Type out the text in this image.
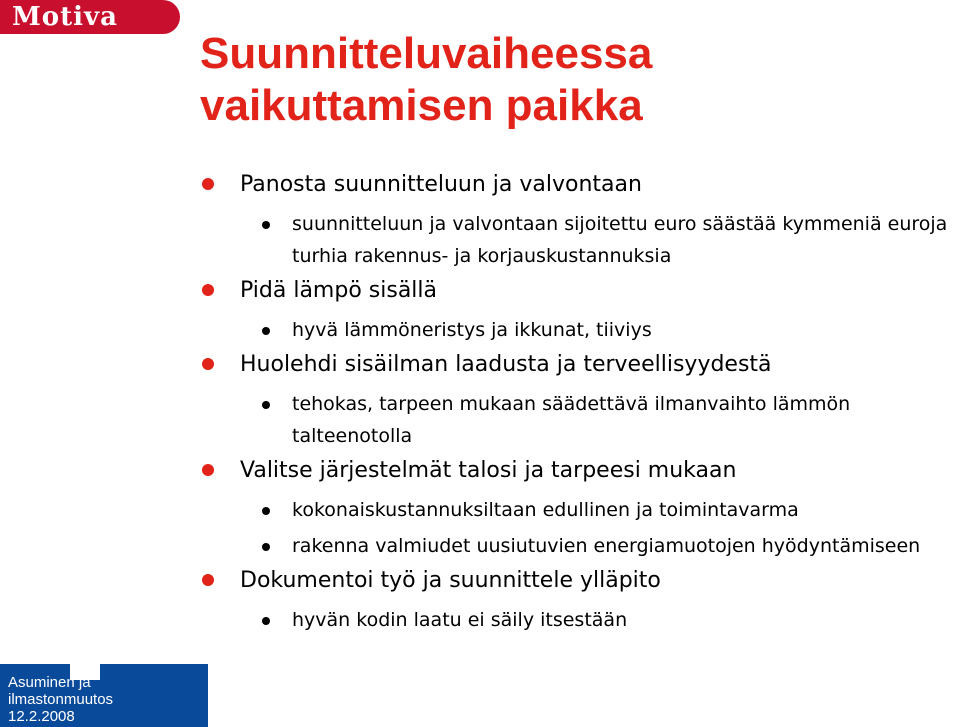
Motiva
Suunnitteluvaiheessa
vaikuttamisen paikka
Panosta suunnitteluun ja valvontaan
suunnitteluun ja valvontaan sijoitettu euro säästää kymmeniä euroja turhia rakennus- ja korjauskustannuksia
Pidä lämpö sisällä
hyvä lämmöneristys ja ikkunat, tiiviys
Huolehdi sisäilman laadusta ja terveellisyydestä
tehokas, tarpeen mukaan säädettävä ilmanvaihto lämmön talteenotolla
Valitse järjestelmät talosi ja tarpeesi mukaan
kokonaiskustannuksiltaan edullinen ja toimintavarma
rakenna valmiudet uusiutuvien energiamuotojen hyödyntämiseen
Dokumentoi työ ja suunnittele ylläpito
hyvän kodin laatu ei säily itsestään
Asuminen ja
ilmastonmuutos
12.2.2008
